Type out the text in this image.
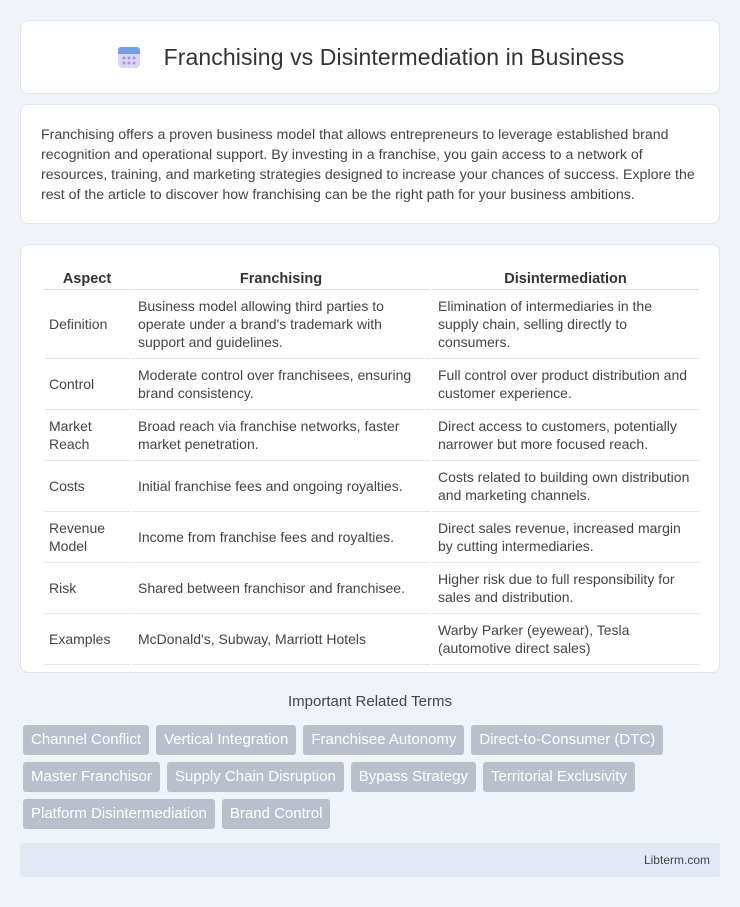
Franchising vs Disintermediation in Business

Franchising offers a proven business model that allows entrepreneurs to leverage established brand recognition and operational support. By investing in a franchise, you gain access to a network of resources, training, and marketing strategies designed to increase your chances of success. Explore the rest of the article to discover how franchising can be the right path for your business ambitions.

Aspect	Franchising	Disintermediation
Definition	Business model allowing third parties to operate under a brand's trademark with support and guidelines.	Elimination of intermediaries in the supply chain, selling directly to consumers.
Control	Moderate control over franchisees, ensuring brand consistency.	Full control over product distribution and customer experience.
Market Reach	Broad reach via franchise networks, faster market penetration.	Direct access to customers, potentially narrower but more focused reach.
Costs	Initial franchise fees and ongoing royalties.	Costs related to building own distribution and marketing channels.
Revenue Model	Income from franchise fees and royalties.	Direct sales revenue, increased margin by cutting intermediaries.
Risk	Shared between franchisor and franchisee.	Higher risk due to full responsibility for sales and distribution.
Examples	McDonald's, Subway, Marriott Hotels	Warby Parker (eyewear), Tesla (automotive direct sales)
Important Related Terms
Channel Conflict	Vertical Integration	Franchisee Autonomy	Direct-to-Consumer (DTC)
Master Franchisor	Supply Chain Disruption	Bypass Strategy	Territorial Exclusivity
Platform Disintermediation	Brand Control
Libterm.com
